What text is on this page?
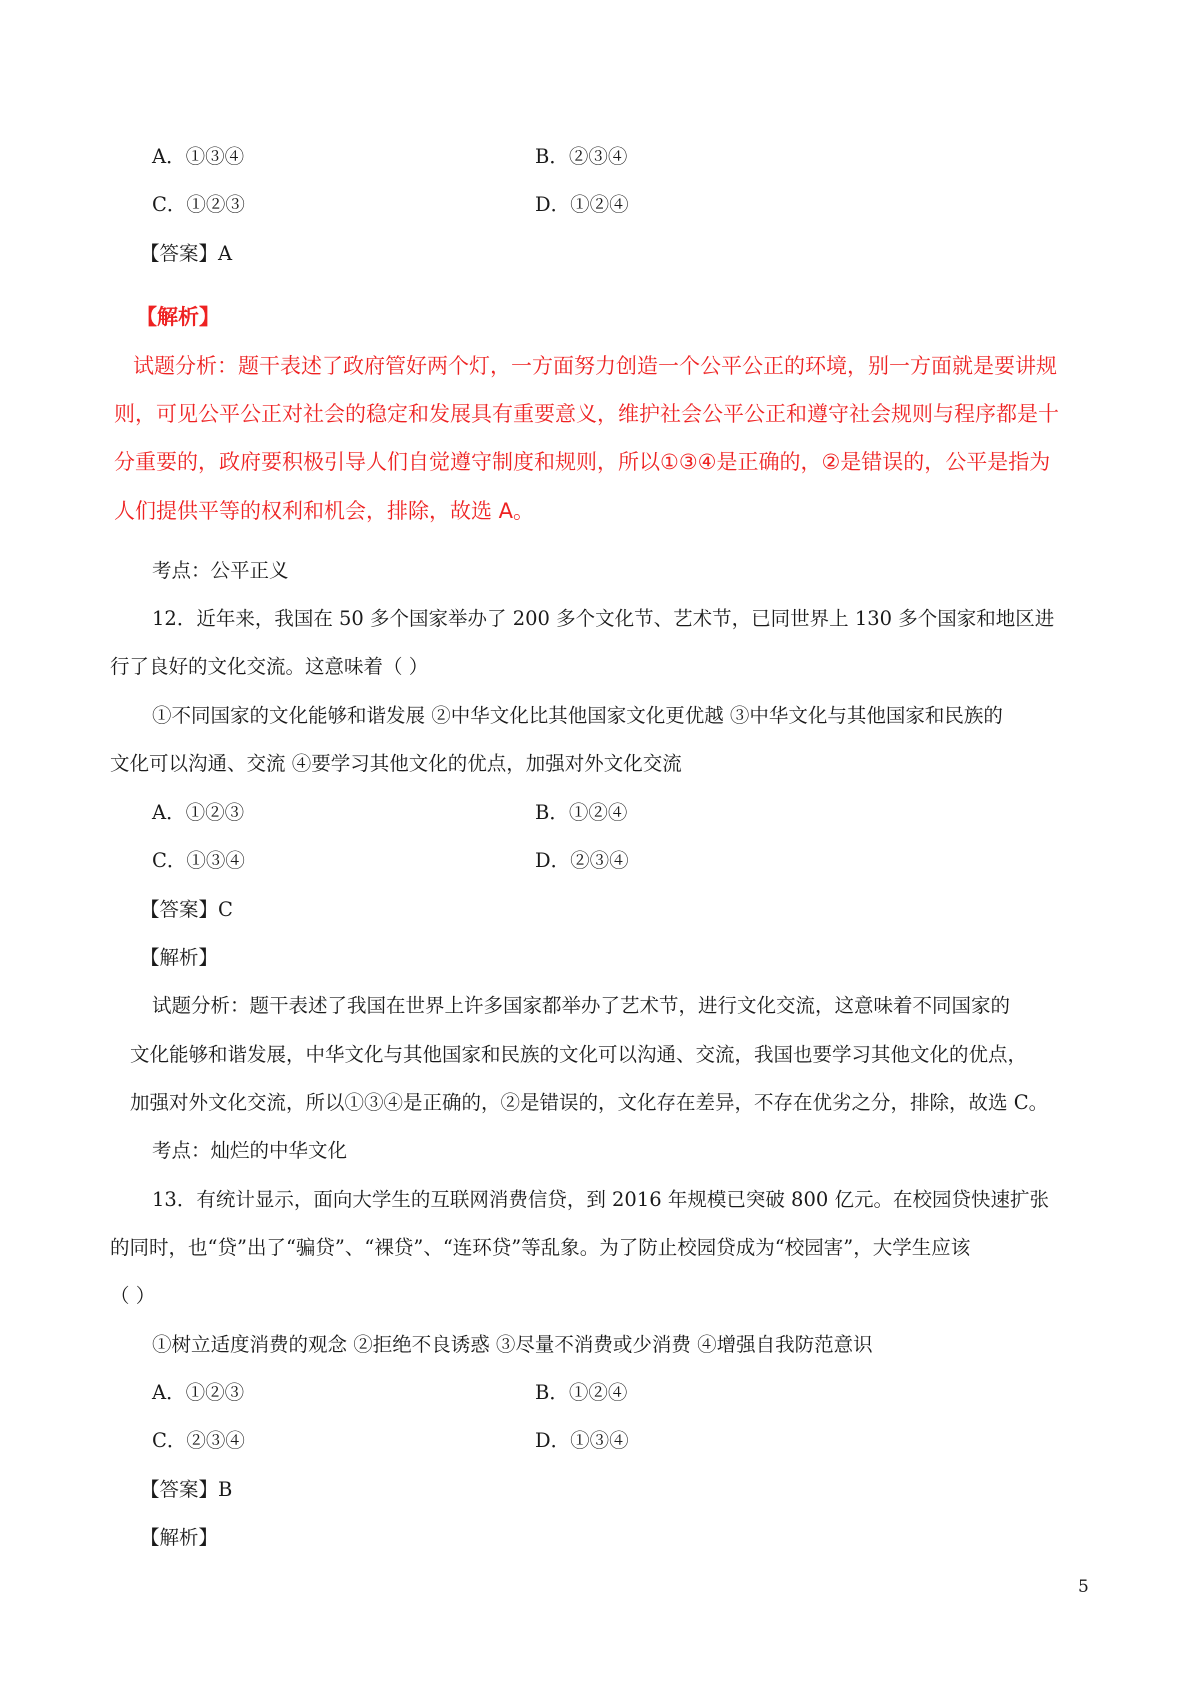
A．①③④	B．②③④

C．①②③	D．①②④

【答案】A

【解析】

试题分析：题干表述了政府管好两个灯，一方面努力创造一个公平公正的环境，别一方面就是要讲规

则，可见公平公正对社会的稳定和发展具有重要意义，维护社会公平公正和遵守社会规则与程序都是十

分重要的，政府要积极引导人们自觉遵守制度和规则，所以①③④是正确的，②是错误的，公平是指为

人们提供平等的权利和机会，排除，故选 A。

考点：公平正义

12．近年来，我国在 50 多个国家举办了 200 多个文化节、艺术节，已同世界上 130 多个国家和地区进

行了良好的文化交流。这意味着（ ）

①不同国家的文化能够和谐发展 ②中华文化比其他国家文化更优越 ③中华文化与其他国家和民族的

文化可以沟通、交流 ④要学习其他文化的优点，加强对外文化交流

A．①②③	B．①②④

C．①③④	D．②③④

【答案】C

【解析】

试题分析：题干表述了我国在世界上许多国家都举办了艺术节，进行文化交流，这意味着不同国家的

文化能够和谐发展，中华文化与其他国家和民族的文化可以沟通、交流，我国也要学习其他文化的优点，

加强对外文化交流，所以①③④是正确的，②是错误的，文化存在差异，不存在优劣之分，排除，故选 C。

考点：灿烂的中华文化

13．有统计显示，面向大学生的互联网消费信贷，到 2016 年规模已突破 800 亿元。在校园贷快速扩张

的同时，也“贷”出了“骗贷”、“裸贷”、“连环贷”等乱象。为了防止校园贷成为“校园害”，大学生应该

（ ）

①树立适度消费的观念 ②拒绝不良诱惑 ③尽量不消费或少消费 ④增强自我防范意识

A．①②③	B．①②④

C．②③④	D．①③④

【答案】B

【解析】

5
